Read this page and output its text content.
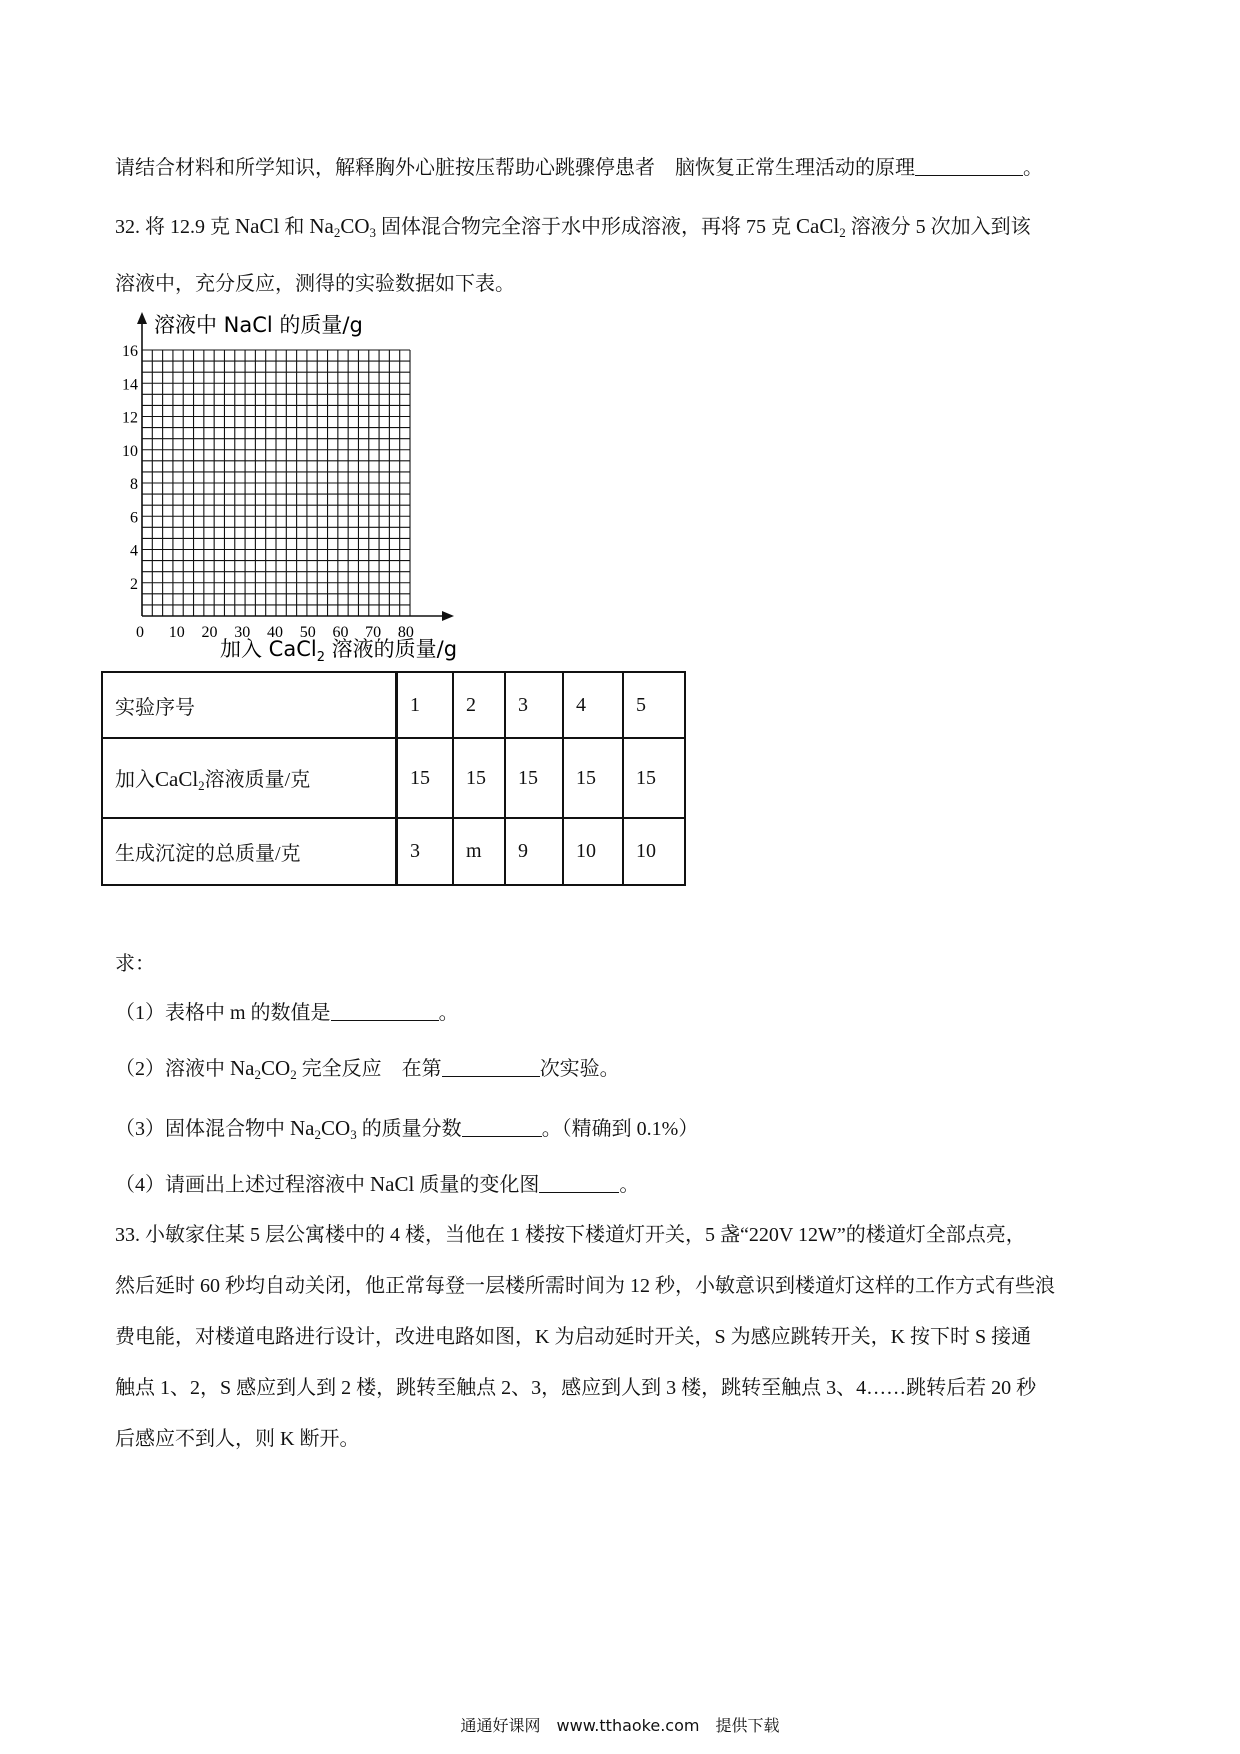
请结合材料和所学知识，解释胸外心脏按压帮助心跳骤停患者　脑恢复正常生理活动的原理	。
32. 将 12.9 克 NaCl 和 $Na_2CO_3$ 固体混合物完全溶于水中形成溶液，再将 75 克 CaCl$_2$ 溶液分 5 次加入到该
溶液中，充分反应，测得的实验数据如下表。
16
14
12
10
8
6
4
2
0 10 20 30 40 50 60 70 80
溶液中 NaCl 的质量/g
加入 CaCl$_2$ 溶液的质量/g
实验序号	1	2	3	4	5
加入CaCl$_2$溶液质量/克	15	15	15	15	15
生成沉淀的总质量/克	3	m	9	10	10
求：
（1）表格中 m 的数值是	。
（2）溶液中 $Na_2CO_2$ 完全反应　在第	次实验。
（3）固体混合物中 $Na_2CO_3$ 的质量分数	。（精确到 0.1%）
（4）请画出上述过程溶液中 NaCl 质量的变化图	。
33. 小敏家住某 5 层公寓楼中的 4 楼，当他在 1 楼按下楼道灯开关，5 盏“220V 12W”的楼道灯全部点亮，
然后延时 60 秒均自动关闭，他正常每登一层楼所需时间为 12 秒，小敏意识到楼道灯这样的工作方式有些浪
费电能，对楼道电路进行设计，改进电路如图，K 为启动延时开关，S 为感应跳转开关，K 按下时 S 接通
触点 1、2，S 感应到人到 2 楼，跳转至触点 2、3，感应到人到 3 楼，跳转至触点 3、4……跳转后若 20 秒
后感应不到人，则 K 断开。
通通好课网　www.tthaoke.com　提供下载
